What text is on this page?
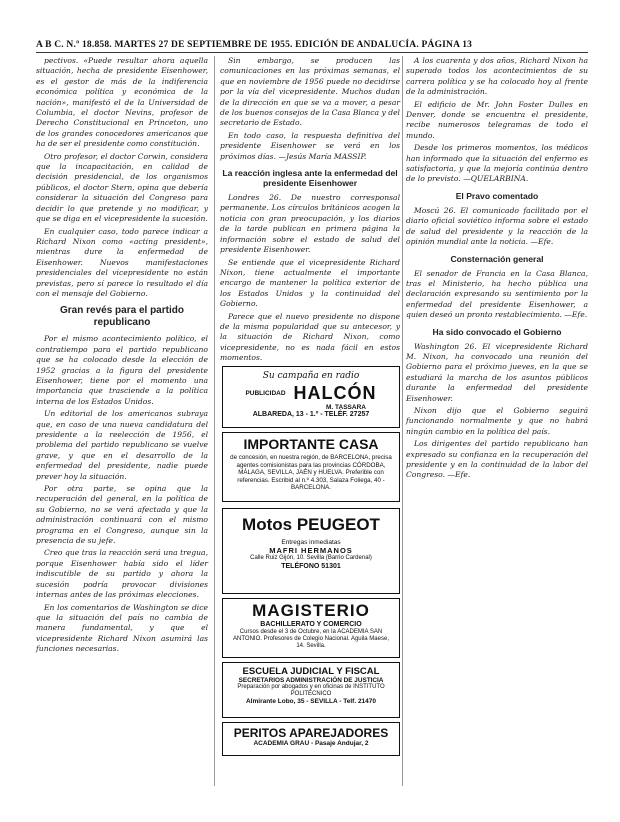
A B C. N.º 18.858. MARTES 27 DE SEPTIEMBRE DE 1955. EDICIÓN DE ANDALUCÍA. PÁGINA 13

pectivos. «Puede resultar ahora aquella situación, hecha de presidente Eisenhower, es el gestor de más de la indiferencia económica política y económica de la nación», manifestó el de la Universidad de Columbia, el doctor Nevins, profesor de Derecho Constitucional en Princeton, uno de los grandes conocedores americanos que ha de ser el presidente como constitución.

Otro profesor, el doctor Corwin, considera que la incapacitación, en calidad de decisión presidencial, de los organismos públicos, el doctor Stern, opina que debería considerar la situación del Congreso para decidir lo que pretende y no modificar, y que se diga en el vicepresidente la sucesión.

En cualquier caso, todo parece indicar a Richard Nixon como «acting president», mientras dure la enfermedad de Eisenhower. Nuevos manifestaciones presidenciales del vicepresidente no están previstas, pero sí parece lo resultado el día con el mensaje del Gobierno.

Gran revés para el partido republicano

Por el mismo acontecimiento político, el contratiempo para el partido republicano que se ha colocado desde la elección de 1952 gracias a la figura del presidente Eisenhower, tiene por el momento una importancia que trasciende a la política interna de los Estados Unidos.

Un editorial de los americanos subraya que, en caso de una nueva candidatura del presidente a la reelección de 1956, el problema del partido republicano se vuelve grave, y que en el desarrollo de la enfermedad del presidente, nadie puede prever hoy la situación.

Por otra parte, se opina que la recuperación del general, en la política de su Gobierno, no se verá afectada y que la administración continuará con el mismo programa en el Congreso, aunque sin la presencia de su jefe.

Creo que tras la reacción será una tregua, porque Eisenhower había sido el líder indiscutible de su partido y ahora la sucesión podría provocar divisiones internas antes de las próximas elecciones.

En los comentarios de Washington se dice que la situación del país no cambia de manera fundamental, y que el vicepresidente Richard Nixon asumirá las funciones necesarias.

Sin embargo, se producen las comunicaciones en las próximas semanas, el que en noviembre de 1956 puede no decidirse por la vía del vicepresidente. Muchos dudan de la dirección en que se va a mover, a pesar de los buenos consejos de la Casa Blanca y del secretario de Estado.

En todo caso, la respuesta definitiva del presidente Eisenhower se verá en los próximos días. —Jesús María MASSIP.

La reacción inglesa ante la enfermedad del presidente Eisenhower

Londres 26. De nuestro corresponsal permanente. Los círculos británicos acogen la noticia con gran preocupación, y los diarios de la tarde publican en primera página la información sobre el estado de salud del presidente Eisenhower.

Se entiende que el vicepresidente Richard Nixon, tiene actualmente el importante encargo de mantener la política exterior de los Estados Unidos y la continuidad del Gobierno.

Parece que el nuevo presidente no dispone de la misma popularidad que su antecesor, y la situación de Richard Nixon, como vicepresidente, no es nada fácil en estos momentos.

Su campaña en radio
PUBLICIDAD HALCÓN
M. TASSARA
ALBAREDA, 13 - 1.º - TELÉF. 27257
IMPORTANTE CASA
de concesión, en nuestra región, de BARCELONA, precisa agentes comisionistas para las provincias CÓRDOBA, MÁLAGA, SEVILLA, JAÉN y HUELVA. Preferible con referencias. Escribid al n.º 4.303, Salaza Foliega, 40 - BARCELONA.
Motos PEUGEOT
Entregas inmediatas
MAFRI HERMANOS
Calle Ruiz Gijón, 10. Sevilla (Barrio Cardenal)
TELÉFONO 51301
MAGISTERIO
BACHILLERATO Y COMERCIO
Cursos desde el 3 de Octubre, en la ACADEMIA SAN ANTONIO. Profesores de Colegio Nacional. Aguila Maese, 14. Sevilla.
ESCUELA JUDICIAL Y FISCAL
SECRETARIOS ADMINISTRACIÓN DE JUSTICIA
Preparación por abogados y en oficinas de INSTITUTO POLITÉCNICO
Almirante Lobo, 35 - SEVILLA - Telf. 21470
PERITOS APAREJADORES
ACADEMIA GRAU - Pasaje Andujar, 2

A los cuarenta y dos años, Richard Nixon ha superado todos los acontecimientos de su carrera política y se ha colocado hoy al frente de la administración.

El edificio de Mr. John Foster Dulles en Denver, donde se encuentra el presidente, recibe numerosos telegramas de todo el mundo.

Desde los primeros momentos, los médicos han informado que la situación del enfermo es satisfactoria, y que la mejoría continúa dentro de lo previsto. —QUELARBINA.

El Pravo comentado

Moscú 26. El comunicado facilitado por el diario oficial soviético informa sobre el estado de salud del presidente y la reacción de la opinión mundial ante la noticia. —Efe.

Consternación general

El senador de Francia en la Casa Blanca, tras el Ministerio, ha hecho pública una declaración expresando su sentimiento por la enfermedad del presidente Eisenhower, a quien deseó un pronto restablecimiento. —Efe.

Ha sido convocado el Gobierno

Washington 26. El vicepresidente Richard M. Nixon, ha convocado una reunión del Gobierno para el próximo jueves, en la que se estudiará la marcha de los asuntos públicos durante la enfermedad del presidente Eisenhower.

Nixon dijo que el Gobierno seguirá funcionando normalmente y que no habrá ningún cambio en la política del país.

Los dirigentes del partido republicano han expresado su confianza en la recuperación del presidente y en la continuidad de la labor del Congreso. —Efe.
